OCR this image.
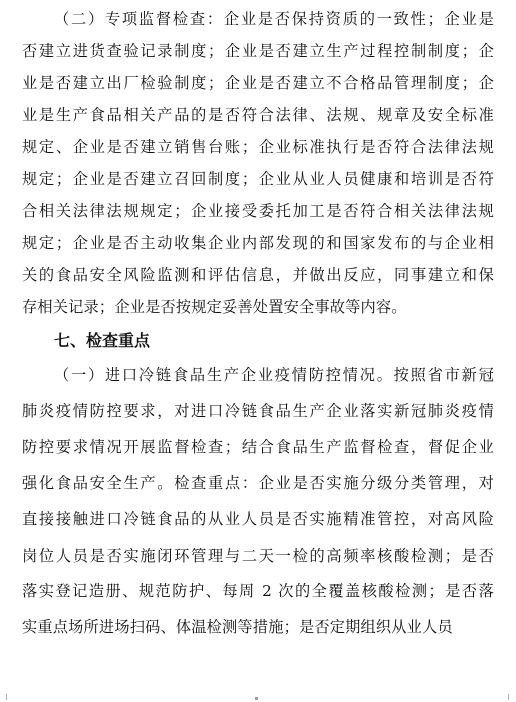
（二）专项监督检查：企业是否保持资质的一致性；企业是
否建立进货查验记录制度；企业是否建立生产过程控制制度；企
业是否建立出厂检验制度；企业是否建立不合格品管理制度；企
业是生产食品相关产品的是否符合法律、法规、规章及安全标准
规定、企业是否建立销售台账；企业标准执行是否符合法律法规
规定；企业是否建立召回制度；企业从业人员健康和培训是否符
合相关法律法规规定；企业接受委托加工是否符合相关法律法规
规定；企业是否主动收集企业内部发现的和国家发布的与企业相
关的食品安全风险监测和评估信息，并做出反应，同事建立和保
存相关记录；企业是否按规定妥善处置安全事故等内容。
七、检查重点
（一）进口冷链食品生产企业疫情防控情况。按照省市新冠
肺炎疫情防控要求，对进口冷链食品生产企业落实新冠肺炎疫情
防控要求情况开展监督检查；结合食品生产监督检查，督促企业
强化食品安全生产。检查重点：企业是否实施分级分类管理，对
直接接触进口冷链食品的从业人员是否实施精准管控，对高风险
岗位人员是否实施闭环管理与二天一检的高频率核酸检测；是否
落实登记造册、规范防护、每周 2 次的全覆盖核酸检测；是否落
实重点场所进场扫码、体温检测等措施；是否定期组织从业人员
